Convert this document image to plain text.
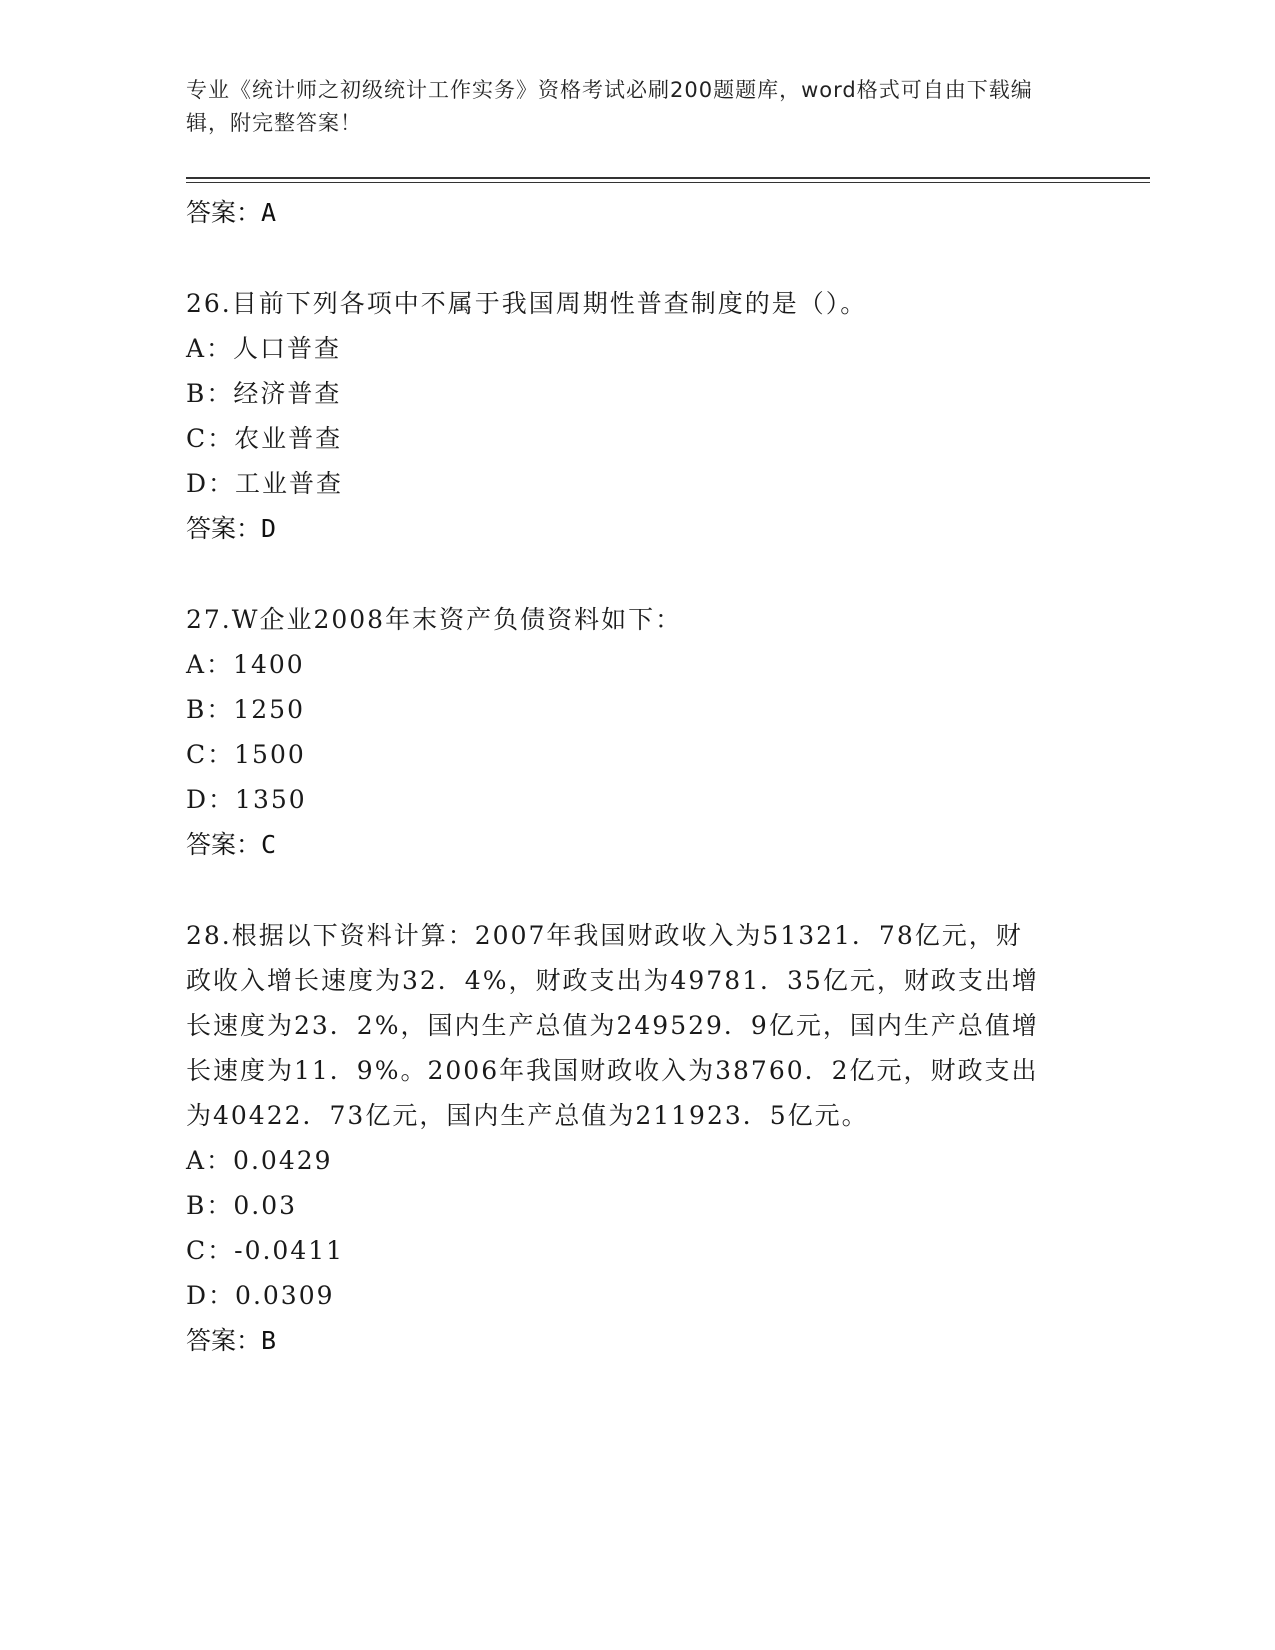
专业《统计师之初级统计工作实务》资格考试必刷200题题库，word格式可自由下载编辑，附完整答案！
答案：A
26.目前下列各项中不属于我国周期性普查制度的是（）。
A：人口普查
B：经济普查
C：农业普查
D：工业普查
答案：D
27.W企业2008年末资产负债资料如下：
A：1400
B：1250
C：1500
D：1350
答案：C
28.根据以下资料计算：2007年我国财政收入为51321．78亿元，财政收入增长速度为32．4%，财政支出为49781．35亿元，财政支出增长速度为23．2%，国内生产总值为249529．9亿元，国内生产总值增长速度为11．9%。2006年我国财政收入为38760．2亿元，财政支出为40422．73亿元，国内生产总值为211923．5亿元。
A：0.0429
B：0.03
C：-0.0411
D：0.0309
答案：B
